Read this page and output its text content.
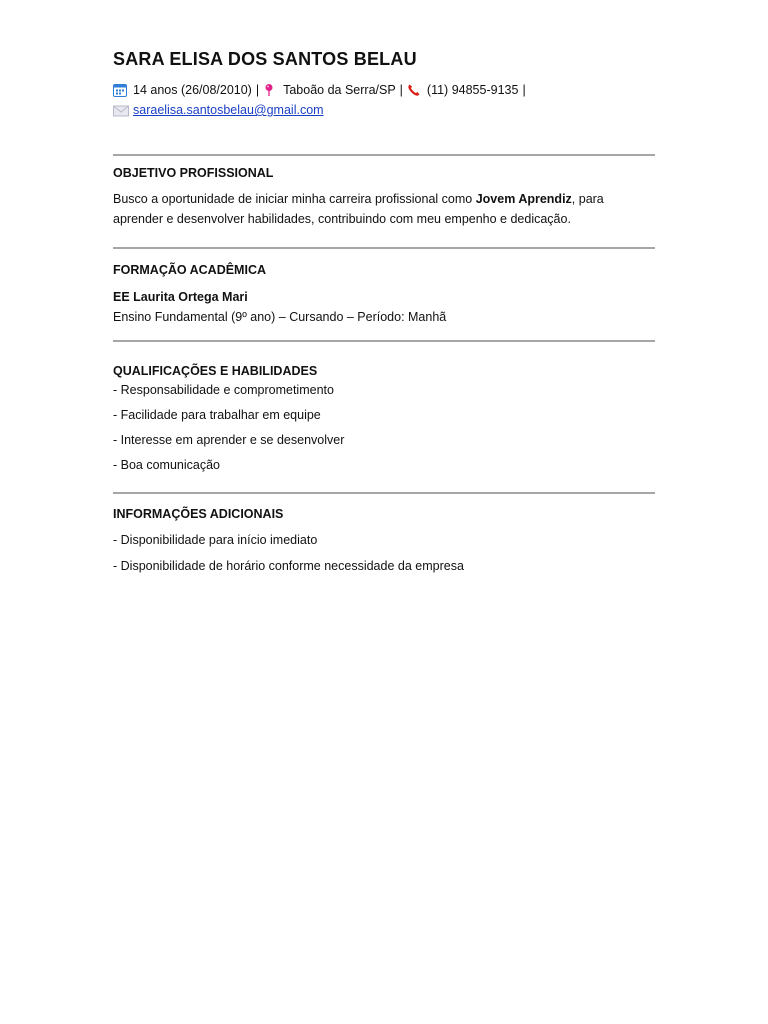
SARA ELISA DOS SANTOS BELAU
14 anos (26/08/2010) | Taboão da Serra/SP | (11) 94855-9135 |
saraelisa.santosbelau@gmail.com
OBJETIVO PROFISSIONAL
Busco a oportunidade de iniciar minha carreira profissional como Jovem Aprendiz, para aprender e desenvolver habilidades, contribuindo com meu empenho e dedicação.
FORMAÇÃO ACADÊMICA
EE Laurita Ortega Mari
Ensino Fundamental (9º ano) – Cursando – Período: Manhã
QUALIFICAÇÕES E HABILIDADES
- Responsabilidade e comprometimento
- Facilidade para trabalhar em equipe
- Interesse em aprender e se desenvolver
- Boa comunicação
INFORMAÇÕES ADICIONAIS
- Disponibilidade para início imediato
- Disponibilidade de horário conforme necessidade da empresa
